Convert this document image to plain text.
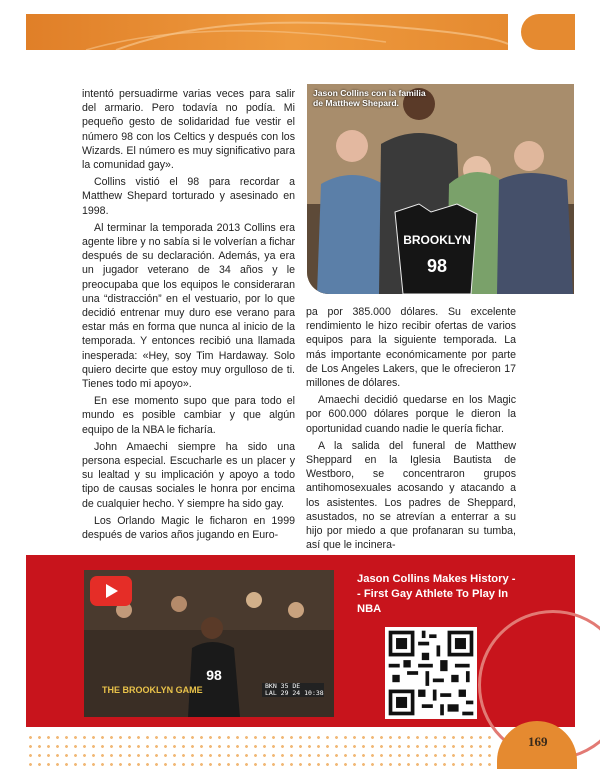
intentó persuadirme varias veces para salir del armario. Pero todavía no podía. Mi pequeño gesto de solidaridad fue vestir el número 98 con los Celtics y después con los Wizards. El número es muy significativo para la comunidad gay».

Collins vistió el 98 para recordar a Matthew Shepard torturado y asesinado en 1998.

Al terminar la temporada 2013 Collins era agente libre y no sabía si le volverían a fichar después de su declaración. Además, ya era un jugador veterano de 34 años y le preocupaba que los equipos le consideraran una “distracción” en el vestuario, por lo que decidió entrenar muy duro ese verano para estar más en forma que nunca al inicio de la temporada. Y entonces recibió una llamada inesperada: «Hey, soy Tim Hardaway. Solo quiero decirte que estoy muy orgulloso de ti. Tienes todo mi apoyo».

En ese momento supo que para todo el mundo es posible cambiar y que algún equipo de la NBA le ficharía.

John Amaechi siempre ha sido una persona especial. Escucharle es un placer y su lealtad y su implicación y apoyo a todo tipo de causas sociales le honra por encima de cualquier hecho. Y siempre ha sido gay.

Los Orlando Magic le ficharon en 1999 después de varios años jugando en Euro-

BROOKLYN
98
Jason Collins con la familia de Matthew Shepard.

pa por 385.000 dólares. Su excelente rendimiento le hizo recibir ofertas de varios equipos para la siguiente temporada. La más importante económicamente por parte de Los Angeles Lakers, que le ofrecieron 17 millones de dólares.

Amaechi decidió quedarse en los Magic por 600.000 dólares porque le dieron la oportunidad cuando nadie le quería fichar.

A la salida del funeral de Matthew Sheppard en la Iglesia Bautista de Westboro, se concentraron grupos antihomosexuales acosando y atacando a los asistentes. Los padres de Sheppard, asustados, no se atrevían a enterrar a su hijo por miedo a que profanaran su tumba, así que le incinera-

98
THE BROOKLYN GAME	BKN 35 DE
LAL 29 24 10:38
Jason Collins Makes History -- First Gay Athlete To Play In NBA
169
